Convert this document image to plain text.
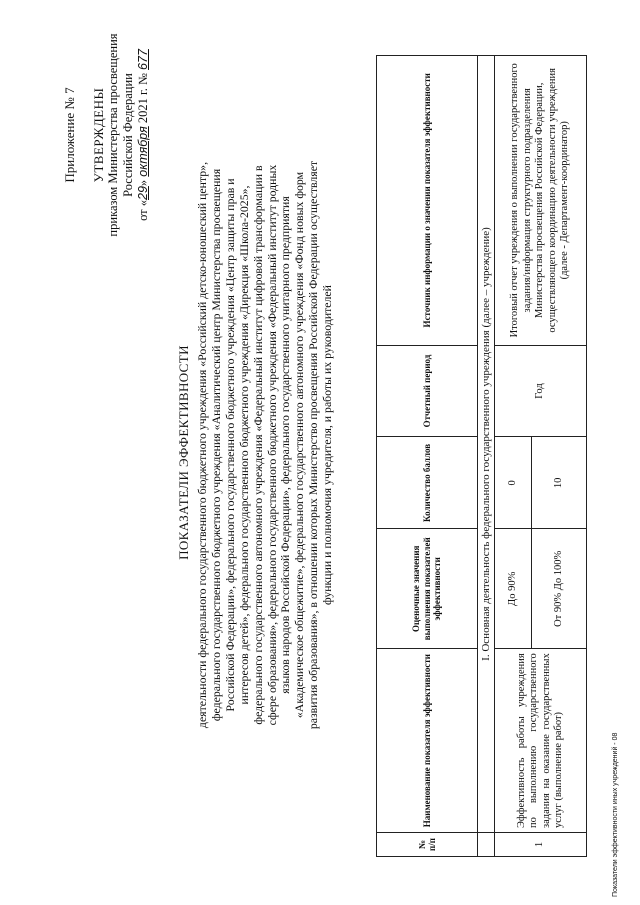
Показатели эффективности иных учреждений - 08
Приложение № 7 УТВЕРЖДЕНЫ приказом Министерства просвещения Российской Федерации
от «29» октября 2021 г. № 677
ПОКАЗАТЕЛИ ЭФФЕКТИВНОСТИ деятельности федерального государственного бюджетного учреждения «Российский детско-юношеский центр», федерального государственного бюджетного учреждения «Аналитический центр Министерства просвещения Российской Федерации», федерального государственного бюджетного учреждения «Центр защиты прав и интересов детей», федерального государственного бюджетного учреждения «Дирекция «Школа-2025», федерального государственного автономного учреждения «Федеральный институт цифровой трансформации в сфере образования», федерального государственного бюджетного учреждения «Федеральный институт родных языков народов Российской Федерации», федерального государственного унитарного предприятия «Академическое общежитие», федерального государственного автономного учреждения «Фонд новых форм развития образования», в отношении которых Министерство просвещения Российской Федерации осуществляет функции и полномочия учредителя, и работы их руководителей
№ п/п	Наименование показателя эффективности	Оценочные значения выполнения показателей эффективности	Количество баллов	Отчетный период	Источник информации о значении показателя эффективности
	I. Основная деятельность федерального государственного учреждения (далее – учреждение)				
1	Эффективность работы учреждения по выполнению государственного задания на оказание государственных услуг (выполнение работ)	До 90%	0	Год	Итоговый отчет учреждения о выполнении государственного задания/информация структурного подразделения Министерства просвещения Российской Федерации, осуществляющего координацию деятельности учреждения (далее - Департамент-координатор)
		От 90% До 100%	10		
